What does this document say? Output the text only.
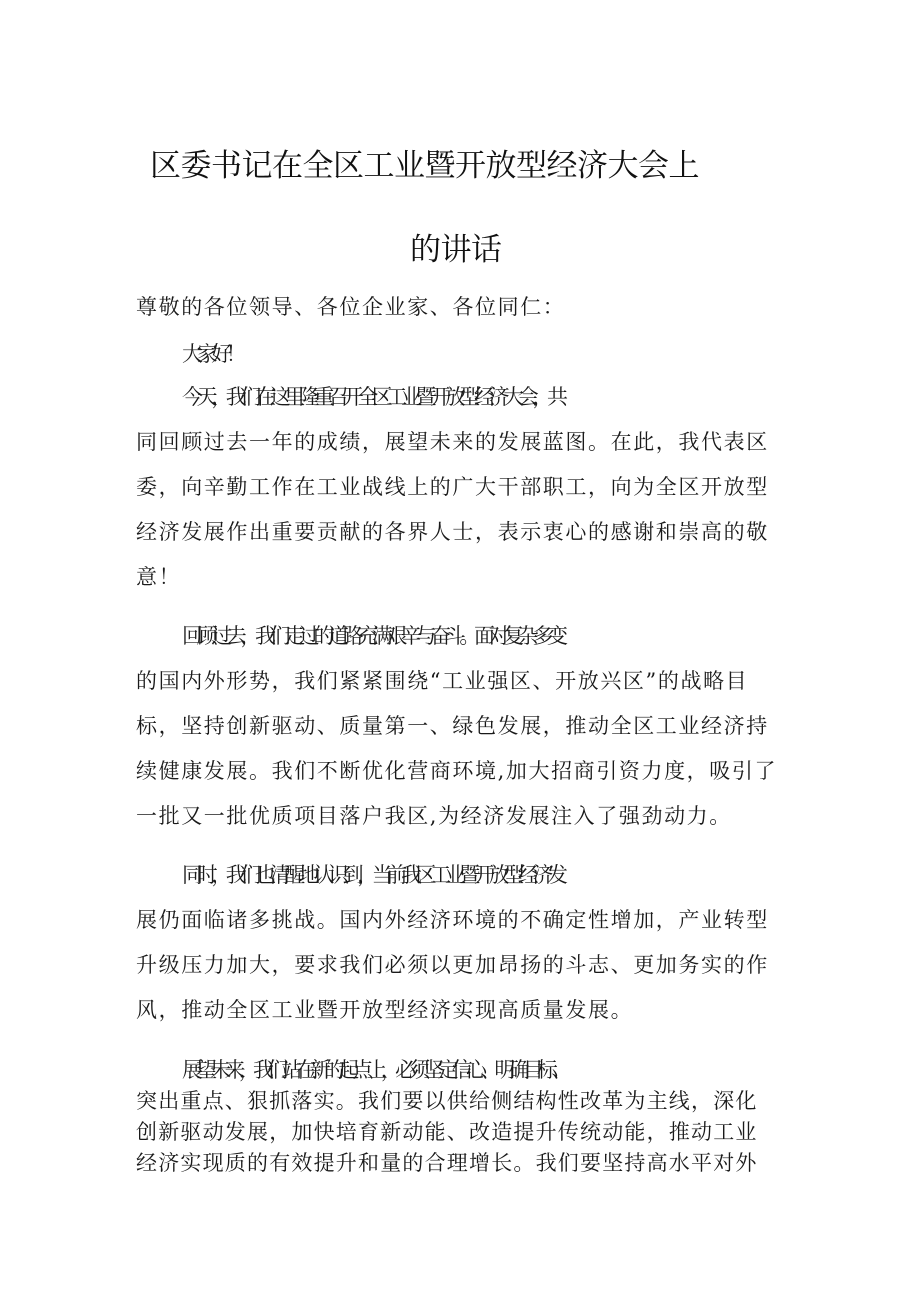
区委书记在全区工业暨开放型经济大会上
的讲话
尊敬的各位领导、各位企业家、各位同仁：
大家好！
今天，我们在这里隆重召开全区工业暨开放型经济大会，共
同回顾过去一年的成绩，展望未来的发展蓝图。在此，我代表区
委，向辛勤工作在工业战线上的广大干部职工，向为全区开放型
经济发展作出重要贡献的各界人士，表示衷心的感谢和崇高的敬
意！
回顾过去，我们走过的道路充满艰辛与奋斗。面对复杂多变
的国内外形势，我们紧紧围绕“工业强区、开放兴区”的战略目
标，坚持创新驱动、质量第一、绿色发展，推动全区工业经济持
续健康发展。我们不断优化营商环境,加大招商引资力度，吸引了
一批又一批优质项目落户我区,为经济发展注入了强劲动力。
同时，我们也清醒地认识到，当前我区工业暨开放型经济发
展仍面临诸多挑战。国内外经济环境的不确定性增加，产业转型
升级压力加大，要求我们必须以更加昂扬的斗志、更加务实的作
风，推动全区工业暨开放型经济实现高质量发展。
展望未来，我们站在新的起点上，必须坚定信心、明确目标、
突出重点、狠抓落实。我们要以供给侧结构性改革为主线，深化
创新驱动发展，加快培育新动能、改造提升传统动能，推动工业
经济实现质的有效提升和量的合理增长。我们要坚持高水平对外
